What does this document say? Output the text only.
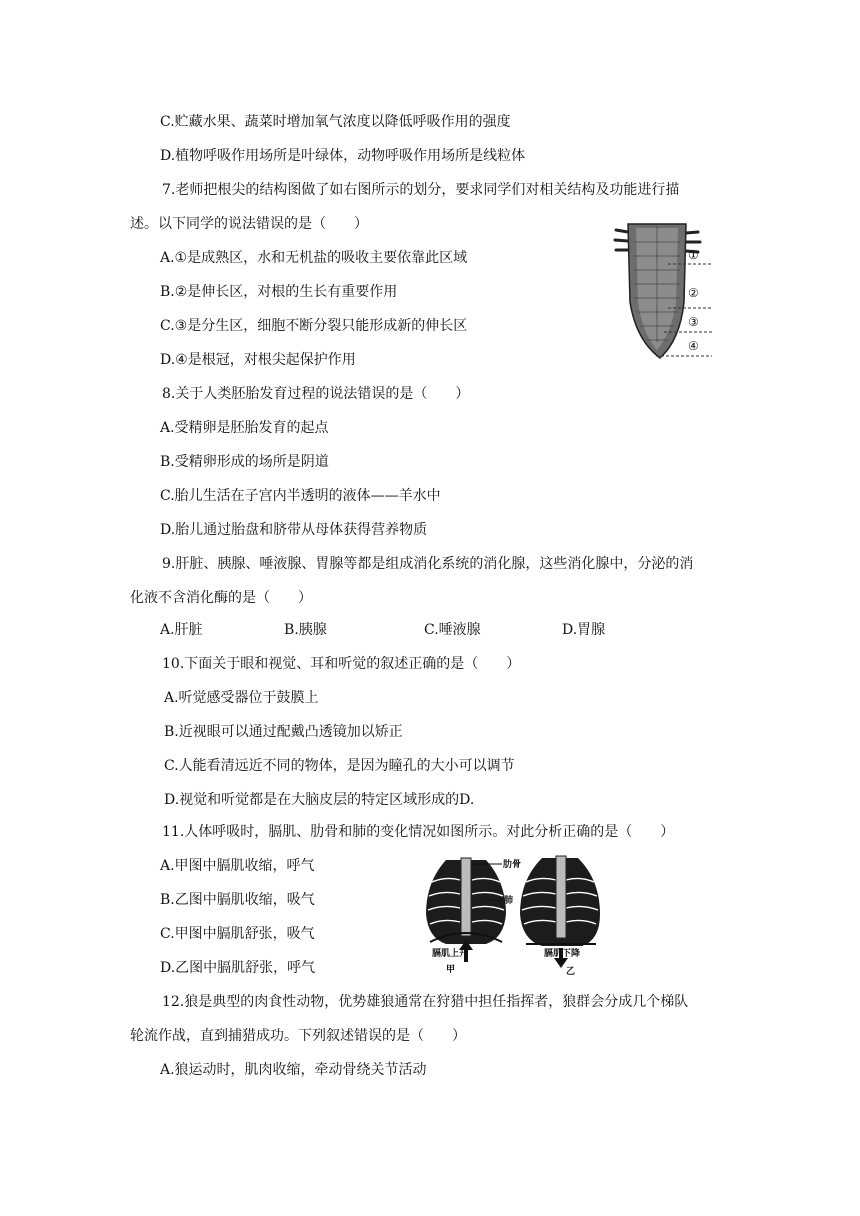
C.贮藏水果、蔬菜时增加氧气浓度以降低呼吸作用的强度
D.植物呼吸作用场所是叶绿体，动物呼吸作用场所是线粒体
7.老师把根尖的结构图做了如右图所示的划分，要求同学们对相关结构及功能进行描
述。以下同学的说法错误的是（　　）
A.①是成熟区，水和无机盐的吸收主要依靠此区域
B.②是伸长区，对根的生长有重要作用
C.③是分生区，细胞不断分裂只能形成新的伸长区
D.④是根冠，对根尖起保护作用
①
②
③
④
8.关于人类胚胎发育过程的说法错误的是（　　）
A.受精卵是胚胎发育的起点
B.受精卵形成的场所是阴道
C.胎儿生活在子宫内半透明的液体——羊水中
D.胎儿通过胎盘和脐带从母体获得营养物质
9.肝脏、胰腺、唾液腺、胃腺等都是组成消化系统的消化腺，这些消化腺中，分泌的消
化液不含消化酶的是（　　）
A.肝脏	B.胰腺	C.唾液腺	D.胃腺
10.下面关于眼和视觉、耳和听觉的叙述正确的是（　　）
A.听觉感受器位于鼓膜上
B.近视眼可以通过配戴凸透镜加以矫正
C.人能看清远近不同的物体，是因为瞳孔的大小可以调节
D.视觉和听觉都是在大脑皮层的特定区域形成的D.
11.人体呼吸时，膈肌、肋骨和肺的变化情况如图所示。对此分析正确的是（　　）
A.甲图中膈肌收缩，呼气
B.乙图中膈肌收缩，吸气
C.甲图中膈肌舒张，吸气
D.乙图中膈肌舒张，呼气
肋骨
肺
膈肌上升	膈肌下降
甲	乙
12.狼是典型的肉食性动物，优势雄狼通常在狩猎中担任指挥者，狼群会分成几个梯队
轮流作战，直到捕猎成功。下列叙述错误的是（　　）
A.狼运动时，肌肉收缩，牵动骨绕关节活动
